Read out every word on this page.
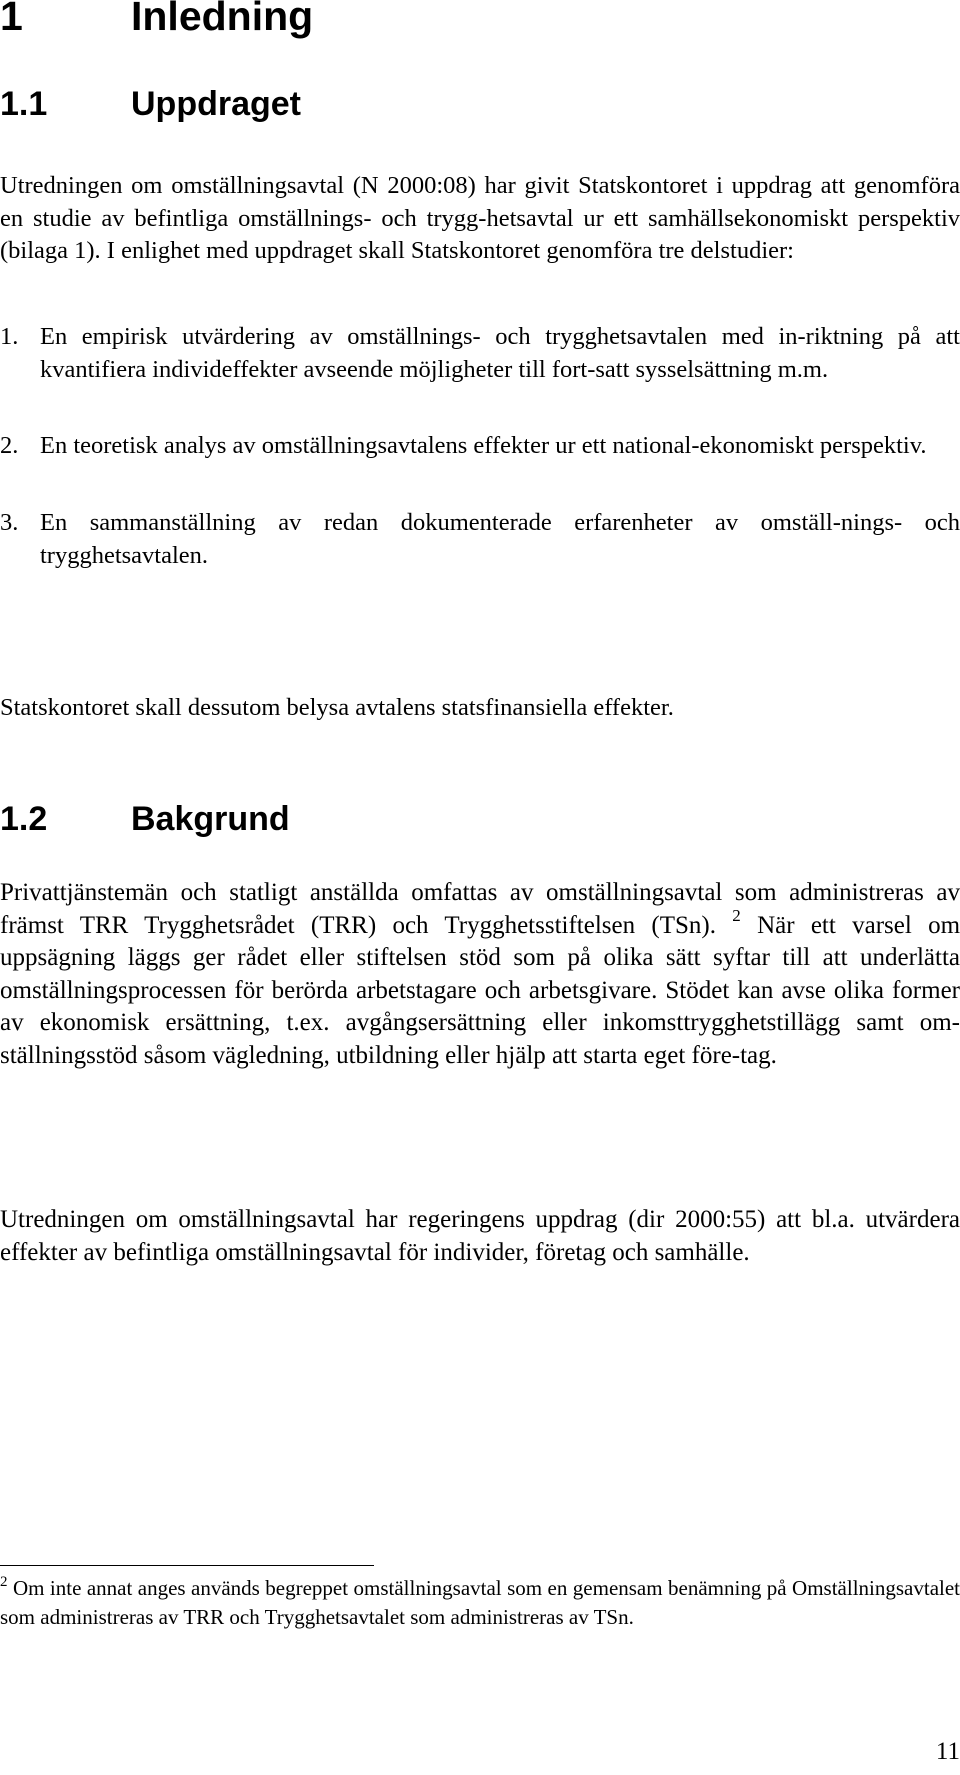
1	Inledning
1.1 Uppdraget
Utredningen om omställningsavtal (N 2000:08) har givit Statskontoret i uppdrag att genomföra en studie av befintliga omställnings- och trygg-hetsavtal ur ett samhällsekonomiskt perspektiv (bilaga 1). I enlighet med uppdraget skall Statskontoret genomföra tre delstudier:
1. En empirisk utvärdering av omställnings- och trygghetsavtalen med in-riktning på att kvantifiera individeffekter avseende möjligheter till fort-satt sysselsättning m.m.
2. En teoretisk analys av omställningsavtalens effekter ur ett national-ekonomiskt perspektiv.
3. En sammanställning av redan dokumenterade erfarenheter av omställ-nings- och trygghetsavtalen.
Statskontoret skall dessutom belysa avtalens statsfinansiella effekter.
1.2 Bakgrund
Privattjänstemän och statligt anställda omfattas av omställningsavtal som administreras av främst TRR Trygghetsrådet (TRR) och Trygghetsstiftelsen (TSn). $^2$ När ett varsel om uppsägning läggs ger rådet eller stiftelsen stöd som på olika sätt syftar till att underlätta omställningsprocessen för berörda arbetstagare och arbetsgivare. Stödet kan avse olika former av ekonomisk ersättning, t.ex. avgångsersättning eller inkomsttrygghetstillägg samt om-ställningsstöd såsom vägledning, utbildning eller hjälp att starta eget före-tag.
Utredningen om omställningsavtal har regeringens uppdrag (dir 2000:55) att bl.a. utvärdera effekter av befintliga omställningsavtal för individer, företag och samhälle.
$^2$ Om inte annat anges används begreppet omställningsavtal som en gemensam benämning på Omställningsavtalet som administreras av TRR och Trygghetsavtalet som administreras av TSn.
11
